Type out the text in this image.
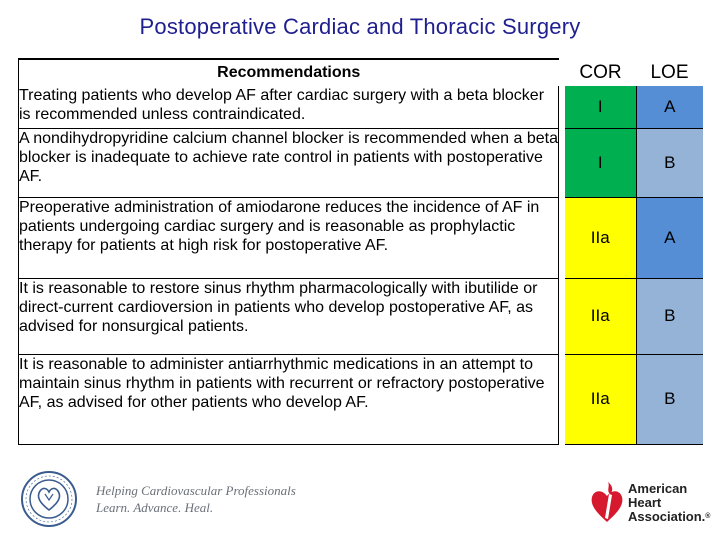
Postoperative Cardiac and Thoracic Surgery
Recommendations		COR	LOE
Treating patients who develop AF after cardiac surgery with a beta blocker is recommended unless contraindicated.		I	A
A nondihydropyridine calcium channel blocker is recommended when a beta blocker is inadequate to achieve rate control in patients with postoperative AF.		I	B
Preoperative administration of amiodarone reduces the incidence of AF in patients undergoing cardiac surgery and is reasonable as prophylactic therapy for patients at high risk for postoperative AF.		IIa	A
It is reasonable to restore sinus rhythm pharmacologically with ibutilide or direct-current cardioversion in patients who develop postoperative AF, as advised for nonsurgical patients.		IIa	B
It is reasonable to administer antiarrhythmic medications in an attempt to maintain sinus rhythm in patients with recurrent or refractory postoperative AF, as advised for other patients who develop AF.		IIa	B
Helping Cardiovascular Professionals
Learn. Advance. Heal.
American
Heart
Association.®
